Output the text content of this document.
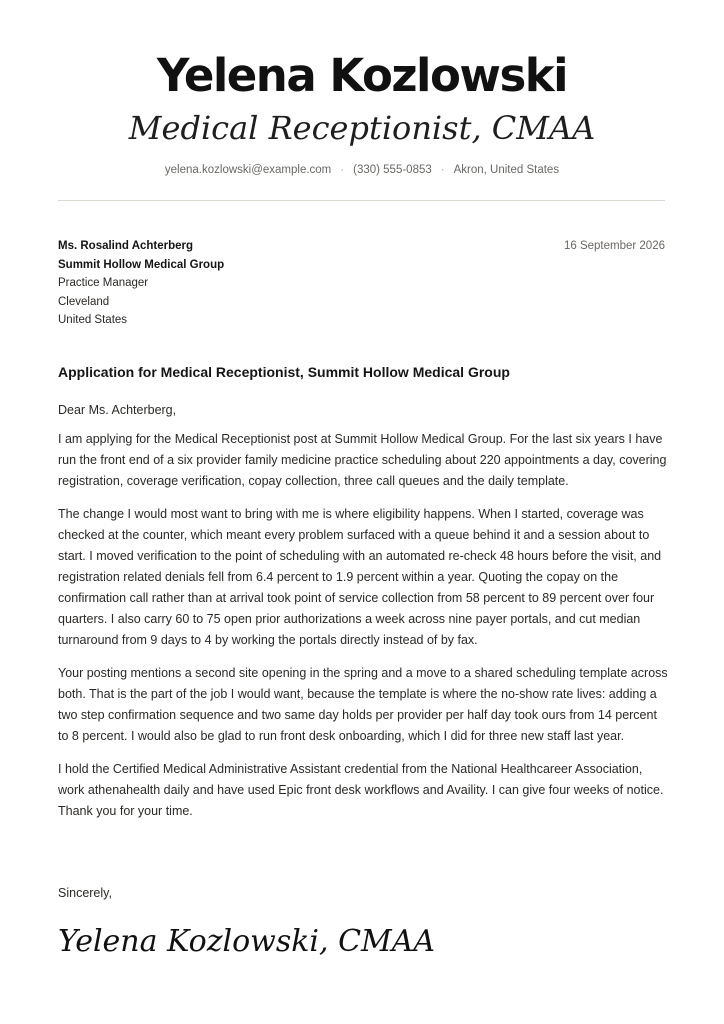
Yelena Kozlowski
Medical Receptionist, CMAA
yelena.kozlowski@example.com · (330) 555-0853 · Akron, United States
Ms. Rosalind Achterberg
Summit Hollow Medical Group
Practice Manager
Cleveland
United States
16 September 2026
Application for Medical Receptionist, Summit Hollow Medical Group

Dear Ms. Achterberg,

I am applying for the Medical Receptionist post at Summit Hollow Medical Group. For the last six years I have run the front end of a six provider family medicine practice scheduling about 220 appointments a day, covering registration, coverage verification, copay collection, three call queues and the daily template.

The change I would most want to bring with me is where eligibility happens. When I started, coverage was checked at the counter, which meant every problem surfaced with a queue behind it and a session about to start. I moved verification to the point of scheduling with an automated re-check 48 hours before the visit, and registration related denials fell from 6.4 percent to 1.9 percent within a year. Quoting the copay on the confirmation call rather than at arrival took point of service collection from 58 percent to 89 percent over four quarters. I also carry 60 to 75 open prior authorizations a week across nine payer portals, and cut median turnaround from 9 days to 4 by working the portals directly instead of by fax.

Your posting mentions a second site opening in the spring and a move to a shared scheduling template across both. That is the part of the job I would want, because the template is where the no-show rate lives: adding a two step confirmation sequence and two same day holds per provider per half day took ours from 14 percent to 8 percent. I would also be glad to run front desk onboarding, which I did for three new staff last year.

I hold the Certified Medical Administrative Assistant credential from the National Healthcareer Association, work athenahealth daily and have used Epic front desk workflows and Availity. I can give four weeks of notice. Thank you for your time.

Sincerely,
Yelena Kozlowski, CMAA
